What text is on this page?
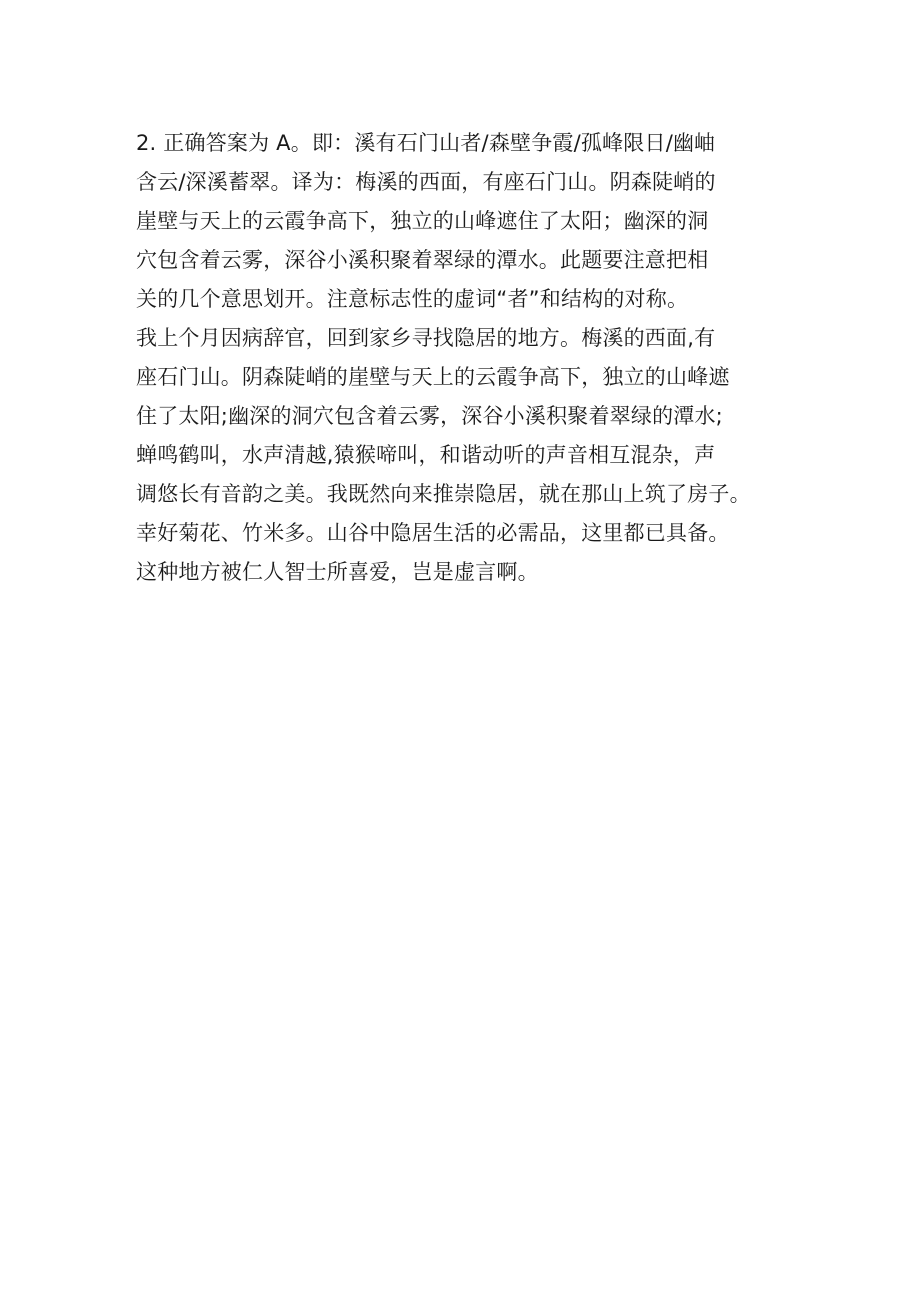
2. 正确答案为 A。即：溪有石门山者/森壁争霞/孤峰限日/幽岫
含云/深溪蓄翠。译为：梅溪的西面，有座石门山。阴森陡峭的
崖壁与天上的云霞争高下，独立的山峰遮住了太阳；幽深的洞
穴包含着云雾，深谷小溪积聚着翠绿的潭水。此题要注意把相
关的几个意思划开。注意标志性的虚词“者”和结构的对称。
我上个月因病辞官，回到家乡寻找隐居的地方。梅溪的西面,有
座石门山。阴森陡峭的崖壁与天上的云霞争高下，独立的山峰遮
住了太阳;幽深的洞穴包含着云雾，深谷小溪积聚着翠绿的潭水;
蝉鸣鹤叫，水声清越,猿猴啼叫，和谐动听的声音相互混杂，声
调悠长有音韵之美。我既然向来推崇隐居，就在那山上筑了房子。
幸好菊花、竹米多。山谷中隐居生活的必需品，这里都已具备。
这种地方被仁人智士所喜爱，岂是虚言啊。
